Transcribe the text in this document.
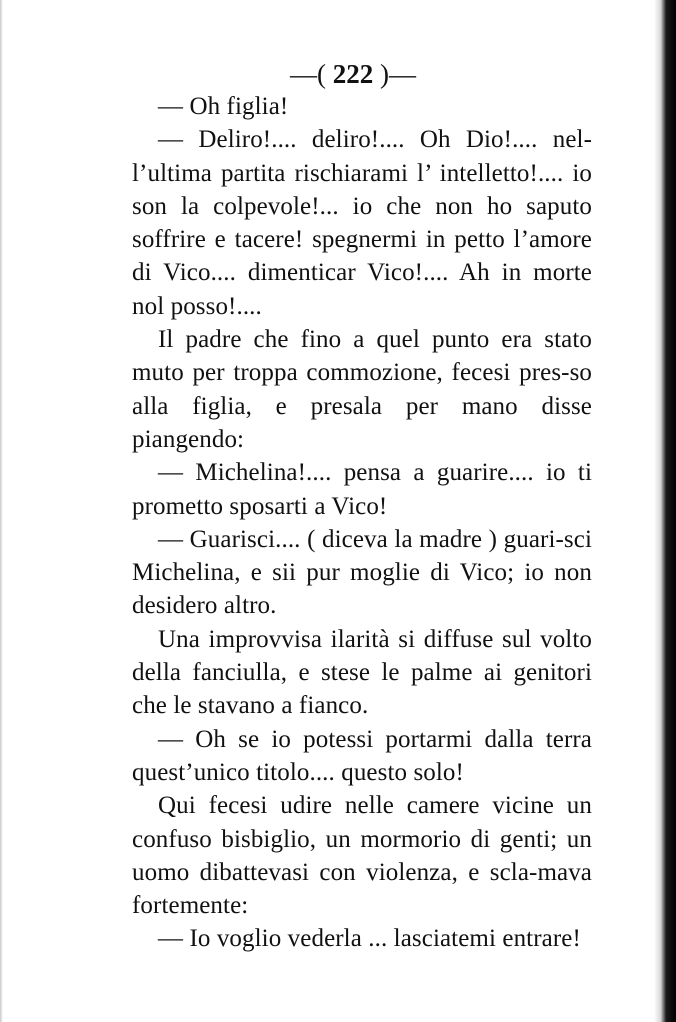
—( 222 )—

— Oh figlia!

— Deliro!.... deliro!.... Oh Dio!.... nel-l’ultima partita rischiarami l’ intelletto!.... io son la colpevole!... io che non ho saputo soffrire e tacere! spegnermi in petto l’amore di Vico.... dimenticar Vico!.... Ah in morte nol posso!....

Il padre che fino a quel punto era stato muto per troppa commozione, fecesi pres-so alla figlia, e presala per mano disse piangendo:

— Michelina!.... pensa a guarire.... io ti prometto sposarti a Vico!

— Guarisci.... ( diceva la madre ) guari-sci Michelina, e sii pur moglie di Vico; io non desidero altro.

Una improvvisa ilarità si diffuse sul volto della fanciulla, e stese le palme ai genitori che le stavano a fianco.

— Oh se io potessi portarmi dalla terra quest’unico titolo.... questo solo!

Qui fecesi udire nelle camere vicine un confuso bisbiglio, un mormorio di genti; un uomo dibattevasi con violenza, e scla-mava fortemente:

— Io voglio vederla ... lasciatemi entrare!
